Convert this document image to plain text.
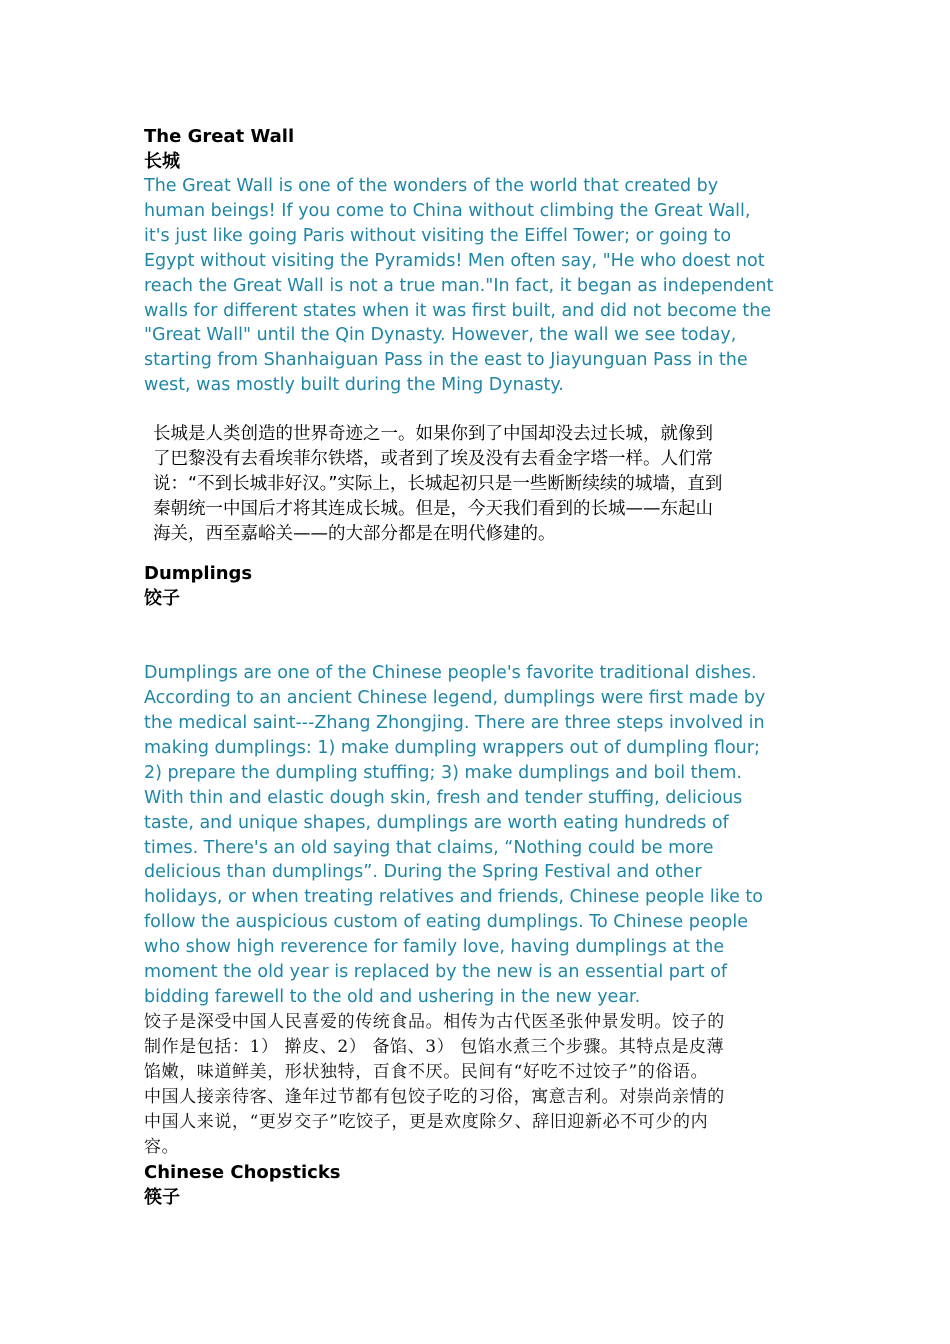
The Great Wall

长城

The Great Wall is one of the wonders of the world that created by
human beings! If you come to China without climbing the Great Wall,
it's just like going Paris without visiting the Eiffel Tower; or going to
Egypt without visiting the Pyramids! Men often say, "He who doest not
reach the Great Wall is not a true man."In fact, it began as independent
walls for different states when it was first built, and did not become the
"Great Wall" until the Qin Dynasty. However, the wall we see today,
starting from Shanhaiguan Pass in the east to Jiayunguan Pass in the
west, was mostly built during the Ming Dynasty.

长城是人类创造的世界奇迹之一。如果你到了中国却没去过长城，就像到
了巴黎没有去看埃菲尔铁塔，或者到了埃及没有去看金字塔一样。人们常
说：“不到长城非好汉。”实际上，长城起初只是一些断断续续的城墙，直到
秦朝统一中国后才将其连成长城。但是，今天我们看到的长城——东起山
海关，西至嘉峪关——的大部分都是在明代修建的。

Dumplings

饺子

Dumplings are one of the Chinese people's favorite traditional dishes.
According to an ancient Chinese legend, dumplings were first made by
the medical saint---Zhang Zhongjing. There are three steps involved in
making dumplings: 1) make dumpling wrappers out of dumpling flour;
2) prepare the dumpling stuffing; 3) make dumplings and boil them.
With thin and elastic dough skin, fresh and tender stuffing, delicious
taste, and unique shapes, dumplings are worth eating hundreds of
times. There's an old saying that claims, “Nothing could be more
delicious than dumplings”. During the Spring Festival and other
holidays, or when treating relatives and friends, Chinese people like to
follow the auspicious custom of eating dumplings. To Chinese people
who show high reverence for family love, having dumplings at the
moment the old year is replaced by the new is an essential part of
bidding farewell to the old and ushering in the new year.

饺子是深受中国人民喜爱的传统食品。相传为古代医圣张仲景发明。饺子的
制作是包括：1） 擀皮、2） 备馅、3） 包馅水煮三个步骤。其特点是皮薄
馅嫩，味道鲜美，形状独特，百食不厌。民间有“好吃不过饺子”的俗语。
中国人接亲待客、逢年过节都有包饺子吃的习俗，寓意吉利。对崇尚亲情的
中国人来说，“更岁交子”吃饺子，更是欢度除夕、辞旧迎新必不可少的内
容。

Chinese Chopsticks

筷子
